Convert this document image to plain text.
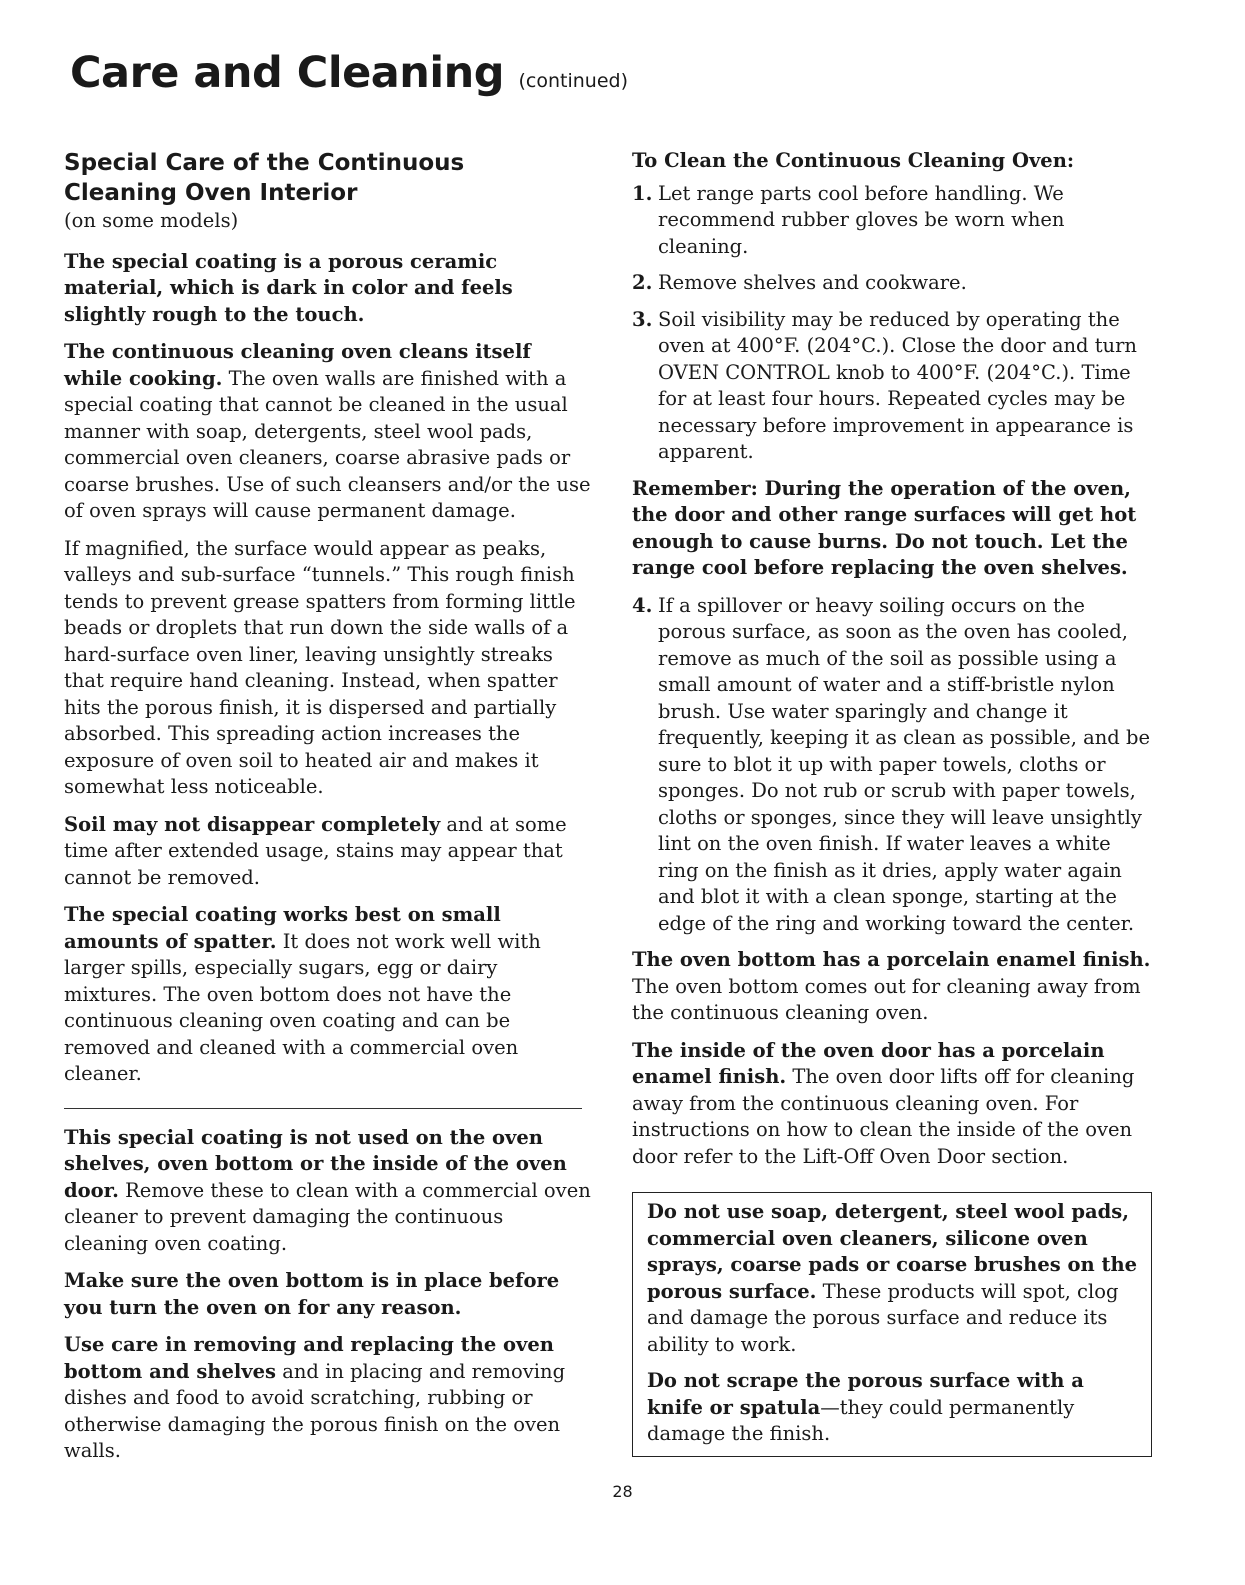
Care and Cleaning (continued)
Special Care of the Continuous
Cleaning Oven Interior
(on some models)

The special coating is a porous ceramic material, which is dark in color and feels slightly rough to the touch.

The continuous cleaning oven cleans itself while cooking. The oven walls are finished with a special coating that cannot be cleaned in the usual manner with soap, detergents, steel wool pads, commercial oven cleaners, coarse abrasive pads or coarse brushes. Use of such cleansers and/or the use of oven sprays will cause permanent damage.

If magnified, the surface would appear as peaks, valleys and sub-surface “tunnels.” This rough finish tends to prevent grease spatters from forming little beads or droplets that run down the side walls of a hard-surface oven liner, leaving unsightly streaks that require hand cleaning. Instead, when spatter hits the porous finish, it is dispersed and partially absorbed. This spreading action increases the exposure of oven soil to heated air and makes it somewhat less noticeable.

Soil may not disappear completely and at some time after extended usage, stains may appear that cannot be removed.

The special coating works best on small amounts of spatter. It does not work well with larger spills, especially sugars, egg or dairy mixtures. The oven bottom does not have the continuous cleaning oven coating and can be removed and cleaned with a commercial oven cleaner.

This special coating is not used on the oven shelves, oven bottom or the inside of the oven door. Remove these to clean with a commercial oven cleaner to prevent damaging the continuous cleaning oven coating.

Make sure the oven bottom is in place before you turn the oven on for any reason.

Use care in removing and replacing the oven bottom and shelves and in placing and removing dishes and food to avoid scratching, rubbing or otherwise damaging the porous finish on the oven walls.

To Clean the Continuous Cleaning Oven:
1. Let range parts cool before handling. We recommend rubber gloves be worn when cleaning.
2. Remove shelves and cookware.
3. Soil visibility may be reduced by operating the oven at 400°F. (204°C.). Close the door and turn OVEN CONTROL knob to 400°F. (204°C.). Time for at least four hours. Repeated cycles may be necessary before improvement in appearance is apparent.

Remember: During the operation of the oven, the door and other range surfaces will get hot enough to cause burns. Do not touch. Let the range cool before replacing the oven shelves.

4. If a spillover or heavy soiling occurs on the porous surface, as soon as the oven has cooled, remove as much of the soil as possible using a small amount of water and a stiff-bristle nylon brush. Use water sparingly and change it frequently, keeping it as clean as possible, and be sure to blot it up with paper towels, cloths or sponges. Do not rub or scrub with paper towels, cloths or sponges, since they will leave unsightly lint on the oven finish. If water leaves a white ring on the finish as it dries, apply water again and blot it with a clean sponge, starting at the edge of the ring and working toward the center.

The oven bottom has a porcelain enamel finish. The oven bottom comes out for cleaning away from the continuous cleaning oven.

The inside of the oven door has a porcelain enamel finish. The oven door lifts off for cleaning away from the continuous cleaning oven. For instructions on how to clean the inside of the oven door refer to the Lift-Off Oven Door section.

Do not use soap, detergent, steel wool pads, commercial oven cleaners, silicone oven sprays, coarse pads or coarse brushes on the porous surface. These products will spot, clog and damage the porous surface and reduce its ability to work.

Do not scrape the porous surface with a knife or spatula—they could permanently damage the finish.

28
